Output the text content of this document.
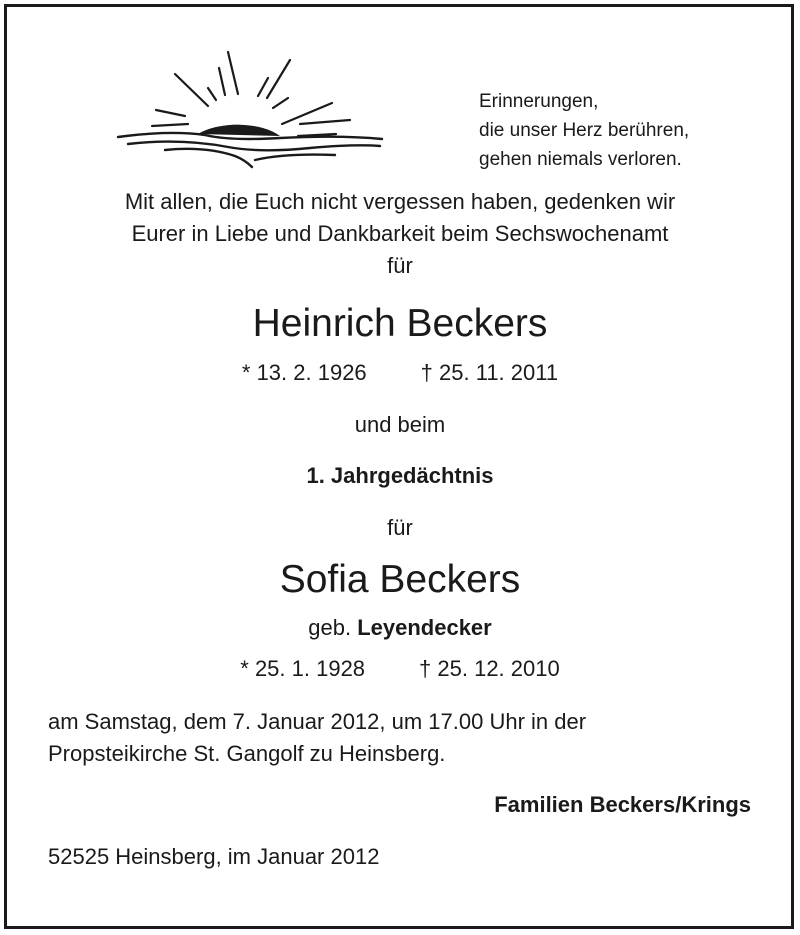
Erinnerungen,
die unser Herz berühren,
gehen niemals verloren.
Mit allen, die Euch nicht vergessen haben, gedenken wir
Eurer in Liebe und Dankbarkeit beim Sechswochenamt
für
Heinrich Beckers
* 13. 2. 1926 † 25. 11. 2011
und beim
1. Jahrgedächtnis
für
Sofia Beckers
geb. Leyendecker
* 25. 1. 1928 † 25. 12. 2010
am Samstag, dem 7. Januar 2012, um 17.00 Uhr in der
Propsteikirche St. Gangolf zu Heinsberg.
Familien Beckers/Krings
52525 Heinsberg, im Januar 2012
